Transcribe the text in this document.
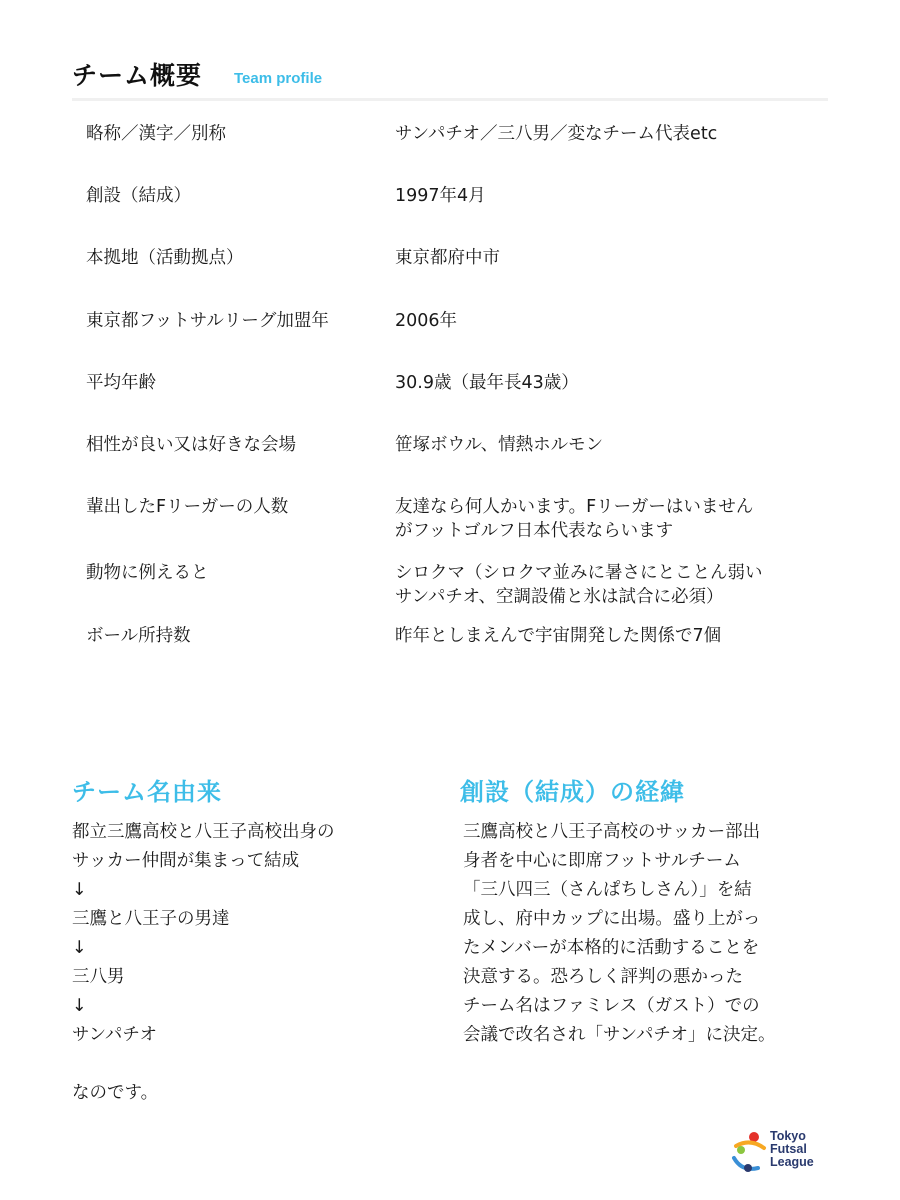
チーム概要 Team profile
略称／漢字／別称	サンパチオ／三八男／変なチーム代表etc
創設（結成）	1997年4月
本拠地（活動拠点）	東京都府中市
東京都フットサルリーグ加盟年	2006年
平均年齢	30.9歳（最年長43歳）
相性が良い又は好きな会場	笹塚ボウル、情熱ホルモン
輩出したFリーガーの人数	友達なら何人かいます。Fリーガーはいません
がフットゴルフ日本代表ならいます
動物に例えると	シロクマ（シロクマ並みに暑さにとことん弱い
サンパチオ、空調設備と氷は試合に必須）
ボール所持数	昨年としまえんで宇宙開発した関係で7個
チーム名由来
都立三鷹高校と八王子高校出身の
サッカー仲間が集まって結成
↓
三鷹と八王子の男達
↓
三八男
↓
サンパチオ

なのです。
創設（結成）の経緯
三鷹高校と八王子高校のサッカー部出
身者を中心に即席フットサルチーム
「三八四三（さんぱちしさん）」を結
成し、府中カップに出場。盛り上がっ
たメンバーが本格的に活動することを
決意する。恐ろしく評判の悪かった
チーム名はファミレス（ガスト）での
会議で改名され「サンパチオ」に決定。
Tokyo
Futsal
League
